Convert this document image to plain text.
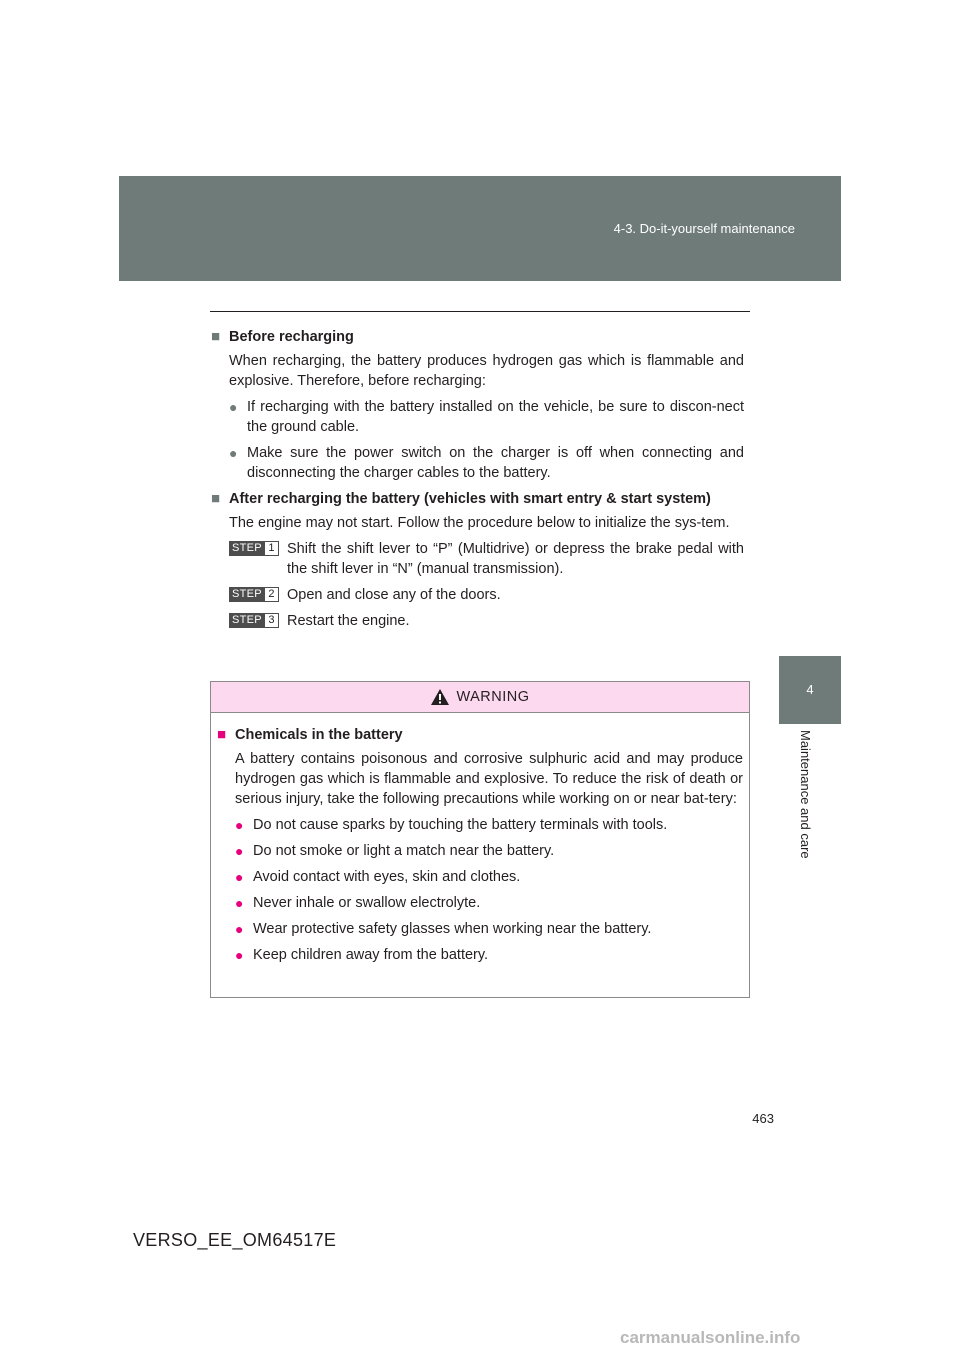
4-3. Do-it-yourself maintenance
4
Maintenance and care
■ Before recharging
When recharging, the battery produces hydrogen gas which is flammable and explosive. Therefore, before recharging:
● If recharging with the battery installed on the vehicle, be sure to discon-nect the ground cable.
● Make sure the power switch on the charger is off when connecting and disconnecting the charger cables to the battery.
■ After recharging the battery (vehicles with smart entry & start system)
The engine may not start. Follow the procedure below to initialize the sys-tem.
STEP 1 Shift the shift lever to “P” (Multidrive) or depress the brake pedal with the shift lever in “N” (manual transmission).
STEP 2 Open and close any of the doors.
STEP 3 Restart the engine.
WARNING
■ Chemicals in the battery
A battery contains poisonous and corrosive sulphuric acid and may produce hydrogen gas which is flammable and explosive. To reduce the risk of death or serious injury, take the following precautions while working on or near bat-tery:
● Do not cause sparks by touching the battery terminals with tools.
● Do not smoke or light a match near the battery.
● Avoid contact with eyes, skin and clothes.
● Never inhale or swallow electrolyte.
● Wear protective safety glasses when working near the battery.
● Keep children away from the battery.
463
VERSO_EE_OM64517E
carmanualsonline.info
